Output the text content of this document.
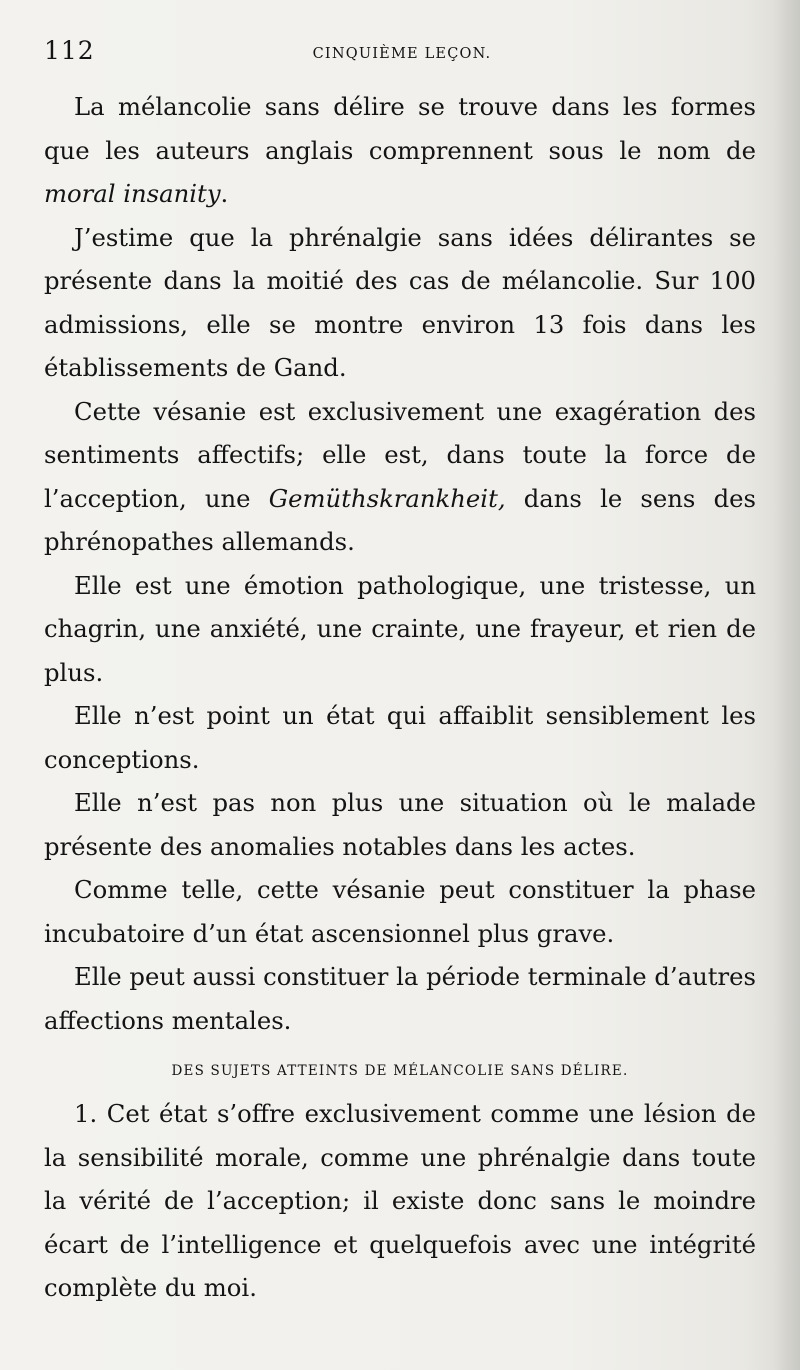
112	CINQUIÈME LEÇON.

La mélancolie sans délire se trouve dans les formes que les auteurs anglais comprennent sous le nom de moral insanity.

J’estime que la phrénalgie sans idées délirantes se présente dans la moitié des cas de mélancolie. Sur 100 admissions, elle se montre environ 13 fois dans les établissements de Gand.

Cette vésanie est exclusivement une exagération des sentiments affectifs; elle est, dans toute la force de l’acception, une Gemüthskrankheit, dans le sens des phrénopathes allemands.

Elle est une émotion pathologique, une tristesse, un chagrin, une anxiété, une crainte, une frayeur, et rien de plus.

Elle n’est point un état qui affaiblit sensiblement les conceptions.

Elle n’est pas non plus une situation où le malade présente des anomalies notables dans les actes.

Comme telle, cette vésanie peut constituer la phase incubatoire d’un état ascensionnel plus grave.

Elle peut aussi constituer la période terminale d’autres affections mentales.

DES SUJETS ATTEINTS DE MÉLANCOLIE SANS DÉLIRE.

1. Cet état s’offre exclusivement comme une lésion de la sensibilité morale, comme une phrénalgie dans toute la vérité de l’acception; il existe donc sans le moindre écart de l’intelligence et quelquefois avec une intégrité complète du moi.
